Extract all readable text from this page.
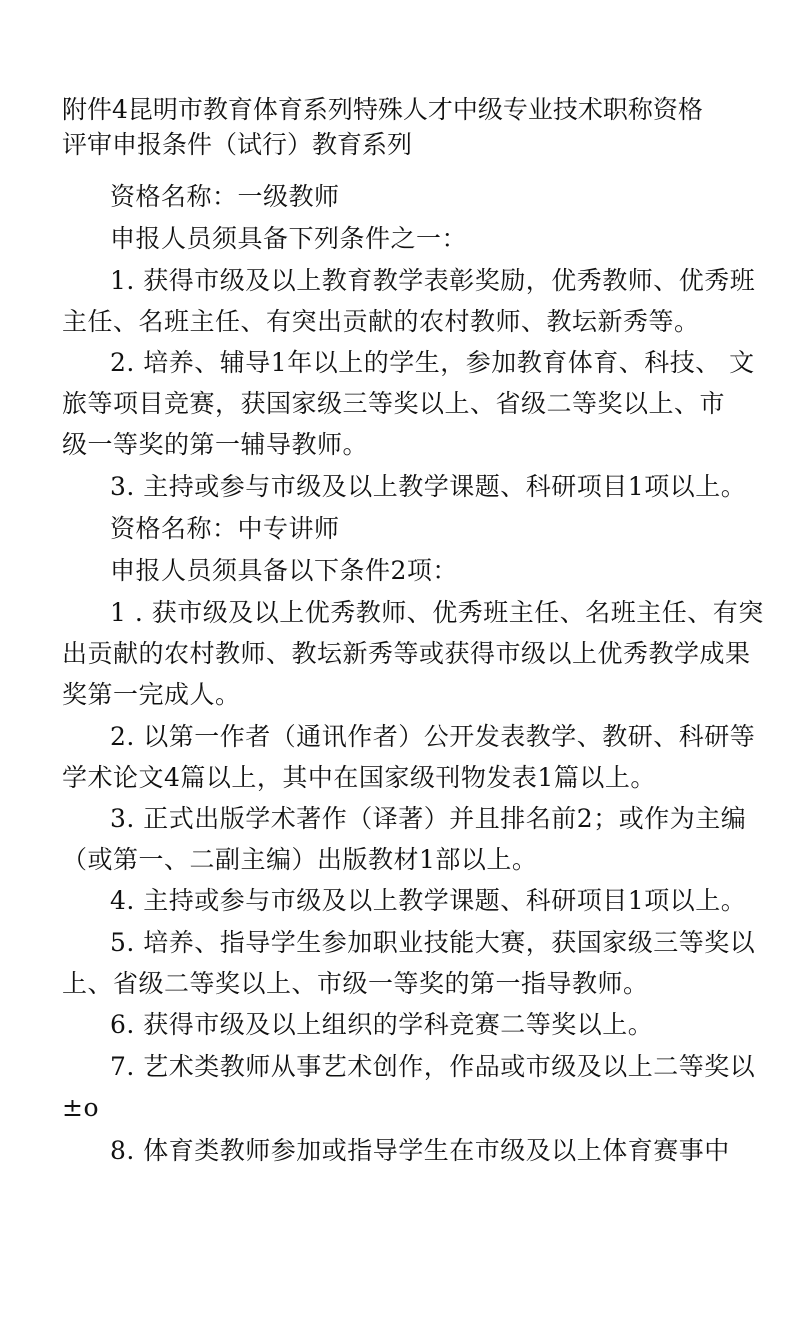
附件4昆明市教育体育系列特殊人才中级专业技术职称资格
评审申报条件（试行）教育系列
资格名称：一级教师
申报人员须具备下列条件之一：
1. 获得市级及以上教育教学表彰奖励，优秀教师、优秀班
主任、名班主任、有突出贡献的农村教师、教坛新秀等。
2. 培养、辅导1年以上的学生，参加教育体育、科技、 文
旅等项目竞赛，获国家级三等奖以上、省级二等奖以上、市
级一等奖的第一辅导教师。
3. 主持或参与市级及以上教学课题、科研项目1项以上。
资格名称：中专讲师
申报人员须具备以下条件2项：
1 . 获市级及以上优秀教师、优秀班主任、名班主任、有突
出贡献的农村教师、教坛新秀等或获得市级以上优秀教学成果
奖第一完成人。
2. 以第一作者（通讯作者）公开发表教学、教研、科研等
学术论文4篇以上，其中在国家级刊物发表1篇以上。
3. 正式出版学术著作（译著）并且排名前2；或作为主编
（或第一、二副主编）出版教材1部以上。
4. 主持或参与市级及以上教学课题、科研项目1项以上。
5. 培养、指导学生参加职业技能大赛，获国家级三等奖以
上、省级二等奖以上、市级一等奖的第一指导教师。
6. 获得市级及以上组织的学科竞赛二等奖以上。
7. 艺术类教师从事艺术创作，作品或市级及以上二等奖以
±o
8. 体育类教师参加或指导学生在市级及以上体育赛事中
